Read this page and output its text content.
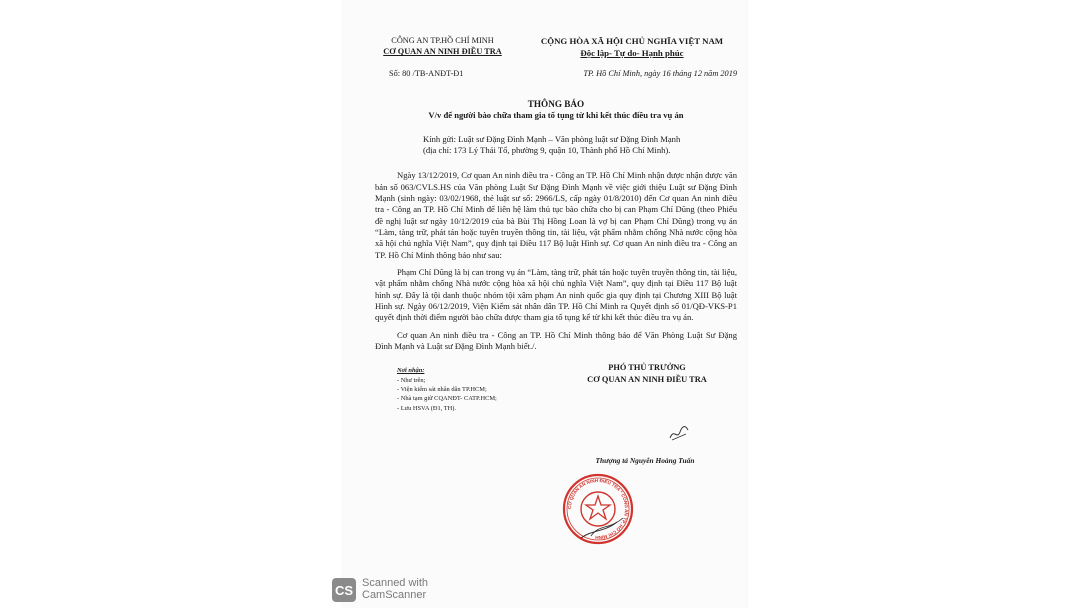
CÔNG AN TP.HỒ CHÍ MINH
CƠ QUAN AN NINH ĐIỀU TRA
CỘNG HÒA XÃ HỘI CHỦ NGHĨA VIỆT NAM
Độc lập- Tự do- Hạnh phúc
Số: 80 /TB-ANĐT-Đ1	TP. Hồ Chí Minh, ngày 16 tháng 12 năm 2019
THÔNG BÁO
V/v để người bào chữa tham gia tố tụng từ khi kết thúc điều tra vụ án
Kính gửi: Luật sư Đặng Đình Mạnh – Văn phòng luật sư Đặng Đình Mạnh
(địa chỉ: 173 Lý Thái Tổ, phường 9, quận 10, Thành phố Hồ Chí Minh).

Ngày 13/12/2019, Cơ quan An ninh điều tra - Công an TP. Hồ Chí Minh nhận được nhận được văn bản số 063/CVLS.HS của Văn phòng Luật Sư Đặng Đình Mạnh về việc giới thiệu Luật sư Đặng Đình Mạnh (sinh ngày: 03/02/1968, thẻ luật sư số: 2966/LS, cấp ngày 01/8/2010) đến Cơ quan An ninh điều tra - Công an TP. Hồ Chí Minh để liên hệ làm thủ tục bào chữa cho bị can Phạm Chí Dũng (theo Phiếu đề nghị luật sư ngày 10/12/2019 của bà Bùi Thị Hồng Loan là vợ bị can Phạm Chí Dũng) trong vụ án “Làm, tàng trữ, phát tán hoặc tuyên truyền thông tin, tài liệu, vật phẩm nhằm chống Nhà nước cộng hòa xã hội chủ nghĩa Việt Nam”, quy định tại Điều 117 Bộ luật Hình sự. Cơ quan An ninh điều tra - Công an TP. Hồ Chí Minh thông báo như sau:

Phạm Chí Dũng là bị can trong vụ án “Làm, tàng trữ, phát tán hoặc tuyên truyền thông tin, tài liệu, vật phẩm nhằm chống Nhà nước cộng hòa xã hội chủ nghĩa Việt Nam”, quy định tại Điều 117 Bộ luật hình sự. Đây là tội danh thuộc nhóm tội xâm phạm An ninh quốc gia quy định tại Chương XIII Bộ luật Hình sự. Ngày 06/12/2019, Viện Kiểm sát nhân dân TP. Hồ Chí Minh ra Quyết định số 01/QĐ-VKS-P1 quyết định thời điểm người bào chữa được tham gia tố tụng kể từ khi kết thúc điều tra vụ án.

Cơ quan An ninh điều tra - Công an TP. Hồ Chí Minh thông báo để Văn Phòng Luật Sư Đặng Đình Mạnh và Luật sư Đặng Đình Mạnh biết./.

Nơi nhận:
- Như trên;
- Viện kiểm sát nhân dân TP.HCM;
- Nhà tạm giữ CQANĐT- CATP.HCM;
- Lưu HSVA (Đ1, TH).
PHÓ THỦ TRƯỞNG
CƠ QUAN AN NINH ĐIỀU TRA
Thượng tá Nguyễn Hoàng Tuấn
CƠ QUAN AN NINH ĐIỀU TRA * CÔNG AN TP. HỒ CHÍ MINH
CS Scanned with
CamScanner
